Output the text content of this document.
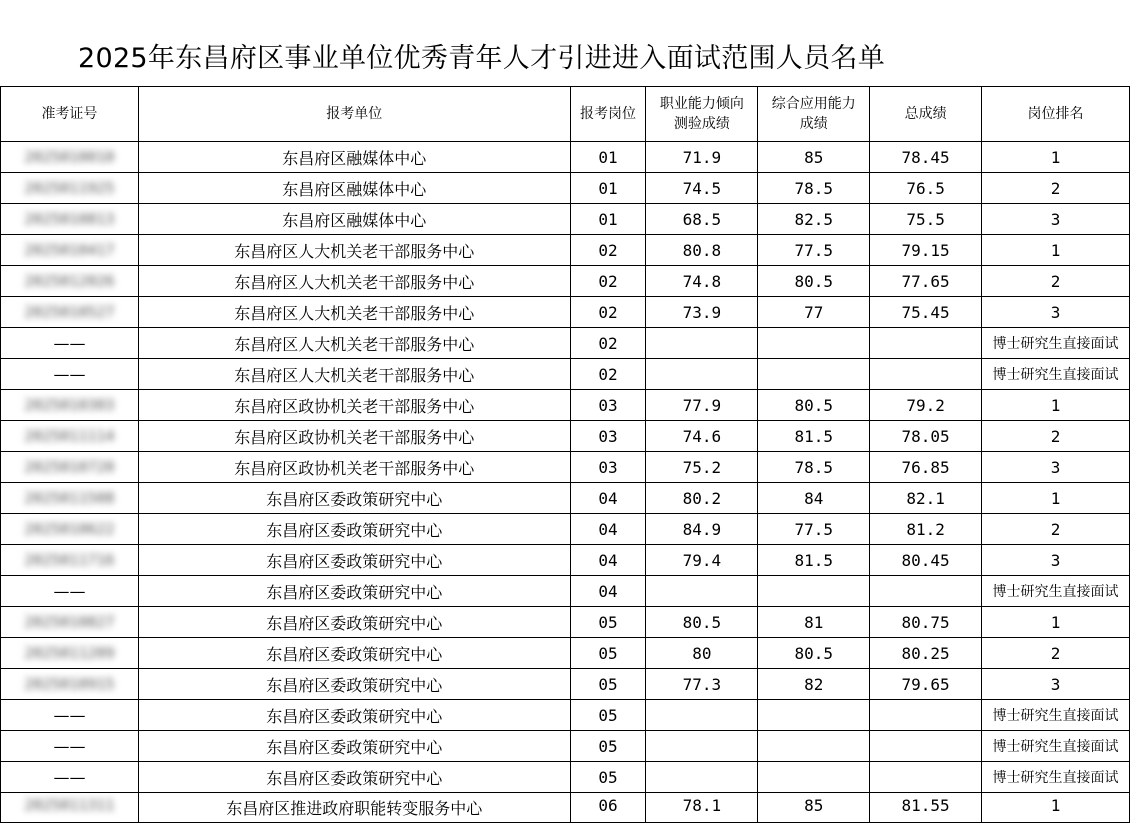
2025年东昌府区事业单位优秀青年人才引进进入面试范围人员名单
准考证号	报考单位	报考岗位	职业能力倾向测验成绩	综合应用能力成绩	总成绩	岗位排名
2025010010	东昌府区融媒体中心	01	71.9	85	78.45	1
2025011925	东昌府区融媒体中心	01	74.5	78.5	76.5	2
2025010813	东昌府区融媒体中心	01	68.5	82.5	75.5	3
2025010417	东昌府区人大机关老干部服务中心	02	80.8	77.5	79.15	1
2025012026	东昌府区人大机关老干部服务中心	02	74.8	80.5	77.65	2
2025010527	东昌府区人大机关老干部服务中心	02	73.9	77	75.45	3
——	东昌府区人大机关老干部服务中心	02				博士研究生直接面试
——	东昌府区人大机关老干部服务中心	02				博士研究生直接面试
2025010303	东昌府区政协机关老干部服务中心	03	77.9	80.5	79.2	1
2025011114	东昌府区政协机关老干部服务中心	03	74.6	81.5	78.05	2
2025010720	东昌府区政协机关老干部服务中心	03	75.2	78.5	76.85	3
2025011508	东昌府区委政策研究中心	04	80.2	84	82.1	1
2025010622	东昌府区委政策研究中心	04	84.9	77.5	81.2	2
2025011716	东昌府区委政策研究中心	04	79.4	81.5	80.45	3
——	东昌府区委政策研究中心	04				博士研究生直接面试
2025010827	东昌府区委政策研究中心	05	80.5	81	80.75	1
2025011209	东昌府区委政策研究中心	05	80	80.5	80.25	2
2025010915	东昌府区委政策研究中心	05	77.3	82	79.65	3
——	东昌府区委政策研究中心	05				博士研究生直接面试
——	东昌府区委政策研究中心	05				博士研究生直接面试
——	东昌府区委政策研究中心	05				博士研究生直接面试
2025011311	东昌府区推进政府职能转变服务中心	06	78.1	85	81.55	1
